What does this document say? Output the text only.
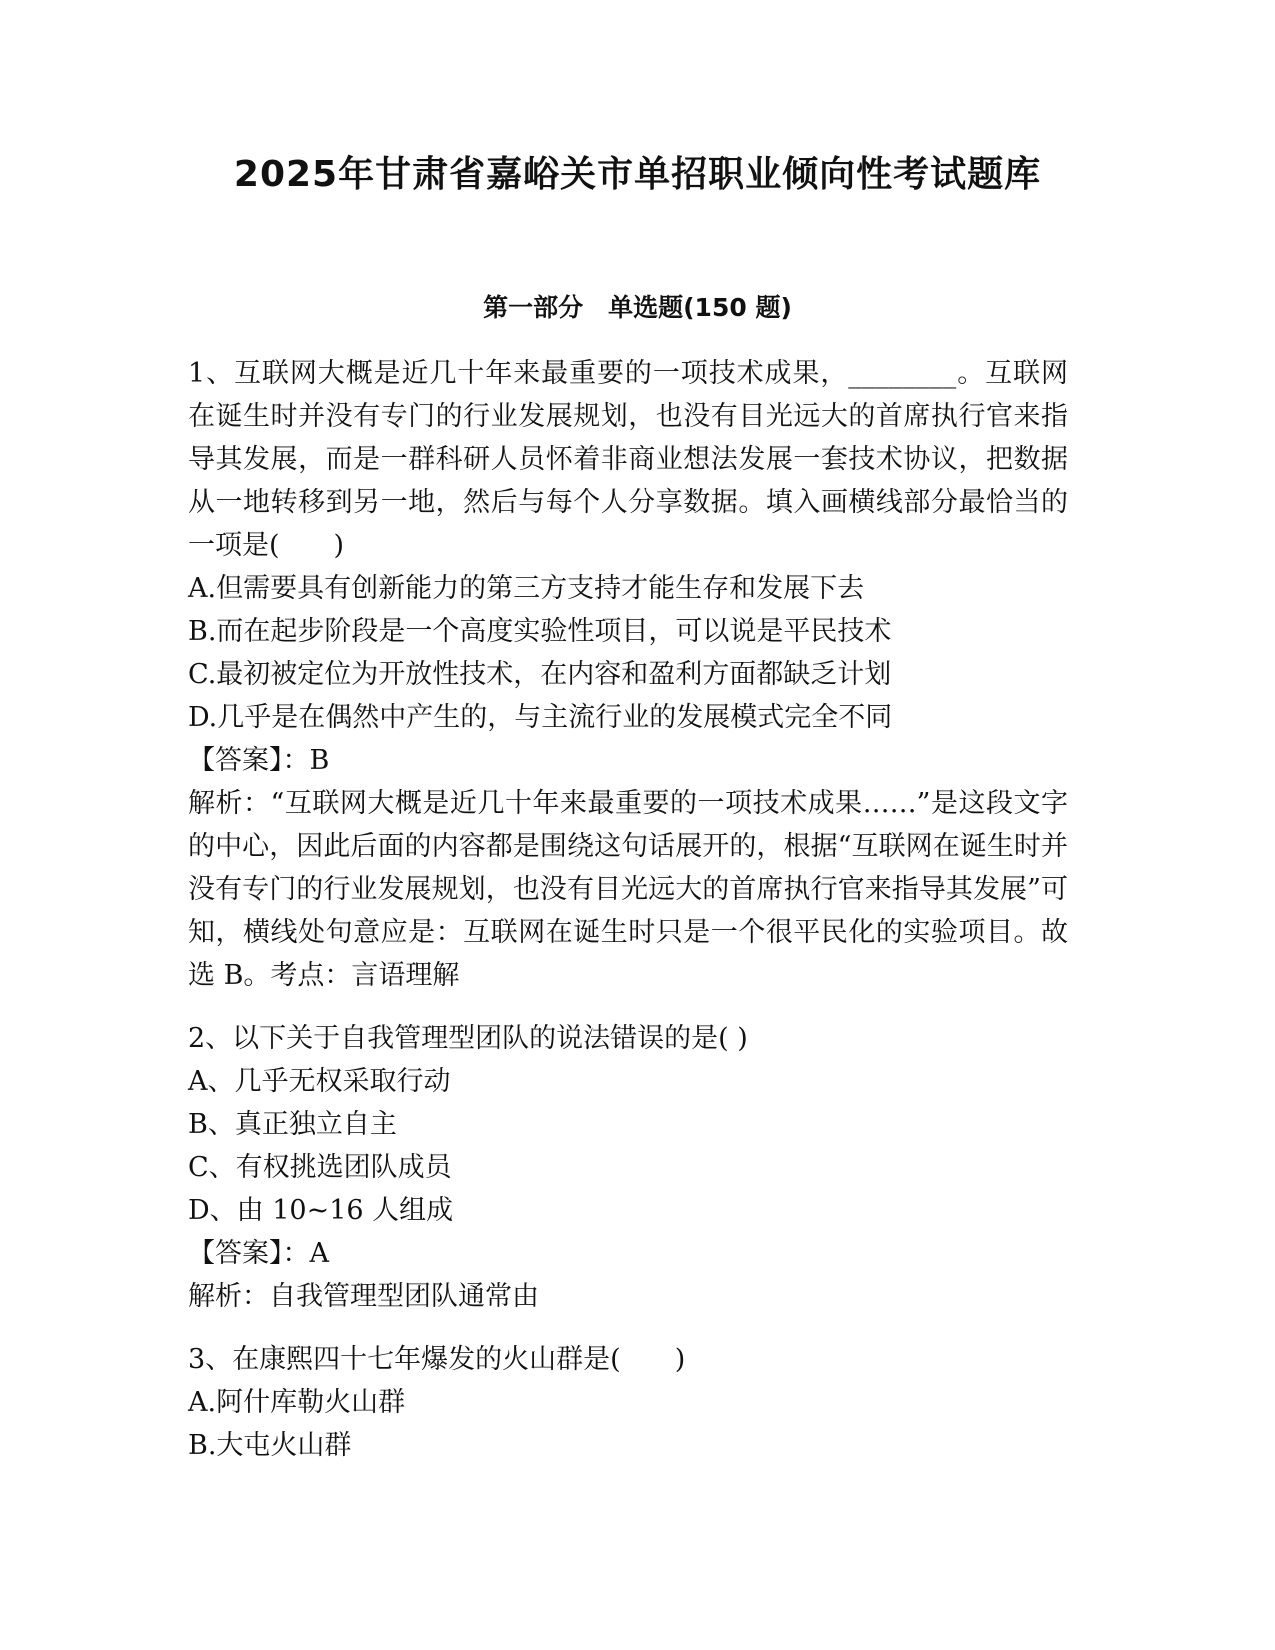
2025年甘肃省嘉峪关市单招职业倾向性考试题库
第一部分　单选题(150 题)

1、互联网大概是近几十年来最重要的一项技术成果，________。互联网在诞生时并没有专门的行业发展规划，也没有目光远大的首席执行官来指导其发展，而是一群科研人员怀着非商业想法发展一套技术协议，把数据从一地转移到另一地，然后与每个人分享数据。填入画横线部分最恰当的一项是(　　)

A.但需要具有创新能力的第三方支持才能生存和发展下去
B.而在起步阶段是一个高度实验性项目，可以说是平民技术
C.最初被定位为开放性技术，在内容和盈利方面都缺乏计划
D.几乎是在偶然中产生的，与主流行业的发展模式完全不同
【答案】：B

解析：“互联网大概是近几十年来最重要的一项技术成果……”是这段文字的中心，因此后面的内容都是围绕这句话展开的，根据“互联网在诞生时并没有专门的行业发展规划，也没有目光远大的首席执行官来指导其发展”可知，横线处句意应是：互联网在诞生时只是一个很平民化的实验项目。故选 B。考点：言语理解

2、以下关于自我管理型团队的说法错误的是( )
A、几乎无权采取行动
B、真正独立自主
C、有权挑选团队成员
D、由 10~16 人组成
【答案】：A
解析：自我管理型团队通常由
3、在康熙四十七年爆发的火山群是(　　)
A.阿什库勒火山群
B.大屯火山群
